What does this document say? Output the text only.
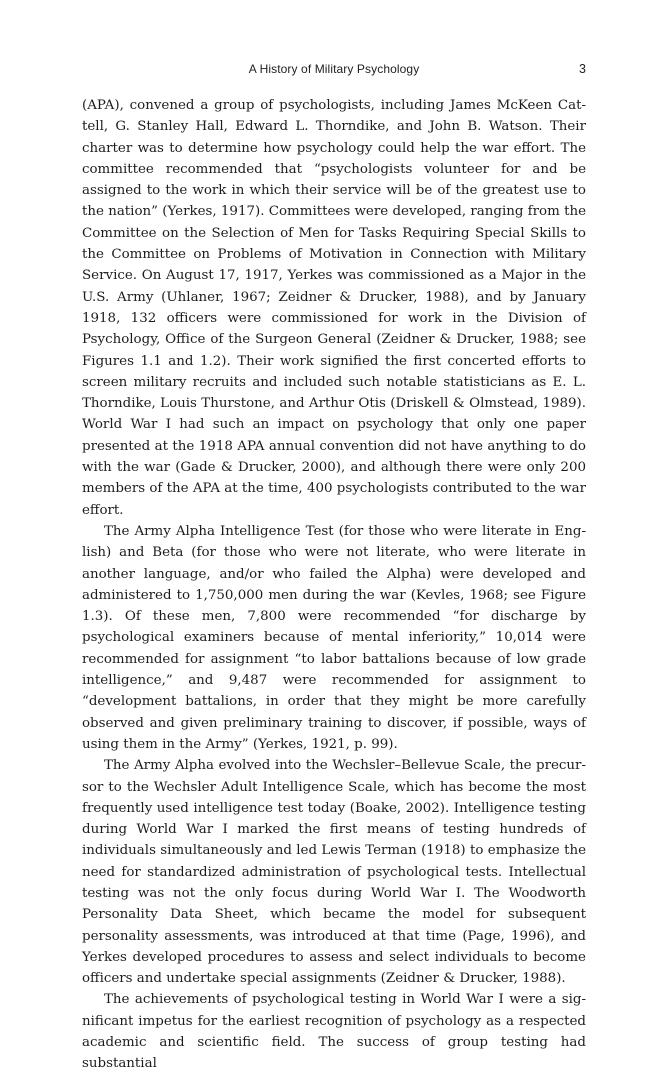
A History of Military Psychology	3

(APA), convened a group of psychologists, including James McKeen Cattell, G. Stanley Hall, Edward L. Thorndike, and John B. Watson. Their charter was to determine how psychology could help the war effort. The committee recommended that “psychologists volunteer for and be assigned to the work in which their service will be of the greatest use to the nation” (Yerkes, 1917). Committees were developed, ranging from the Committee on the Selection of Men for Tasks Requiring Special Skills to the Committee on Problems of Motivation in Connection with Military Service. On August 17, 1917, Yerkes was commissioned as a Major in the U.S. Army (Uhlaner, 1967; Zeidner & Drucker, 1988), and by January 1918, 132 officers were commissioned for work in the Division of Psychology, Office of the Surgeon General (Zeidner & Drucker, 1988; see Figures 1.1 and 1.2). Their work signified the first concerted efforts to screen military recruits and included such notable statisticians as E. L. Thorndike, Louis Thurstone, and Arthur Otis (Driskell & Olmstead, 1989). World War I had such an impact on psychology that only one paper presented at the 1918 APA annual convention did not have anything to do with the war (Gade & Drucker, 2000), and although there were only 200 members of the APA at the time, 400 psychologists contributed to the war effort.

The Army Alpha Intelligence Test (for those who were literate in English) and Beta (for those who were not literate, who were literate in another language, and/or who failed the Alpha) were developed and administered to 1,750,000 men during the war (Kevles, 1968; see Figure 1.3). Of these men, 7,800 were recommended “for discharge by psychological examiners because of mental inferiority,” 10,014 were recommended for assignment “to labor battalions because of low grade intelligence,” and 9,487 were recommended for assignment to “development battalions, in order that they might be more carefully observed and given preliminary training to discover, if possible, ways of using them in the Army” (Yerkes, 1921, p. 99).

The Army Alpha evolved into the Wechsler–Bellevue Scale, the precursor to the Wechsler Adult Intelligence Scale, which has become the most frequently used intelligence test today (Boake, 2002). Intelligence testing during World War I marked the first means of testing hundreds of individuals simultaneously and led Lewis Terman (1918) to emphasize the need for standardized administration of psychological tests. Intellectual testing was not the only focus during World War I. The Woodworth Personality Data Sheet, which became the model for subsequent personality assessments, was introduced at that time (Page, 1996), and Yerkes developed procedures to assess and select individuals to become officers and undertake special assignments (Zeidner & Drucker, 1988).

The achievements of psychological testing in World War I were a significant impetus for the earliest recognition of psychology as a respected academic and scientific field. The success of group testing had substantial
